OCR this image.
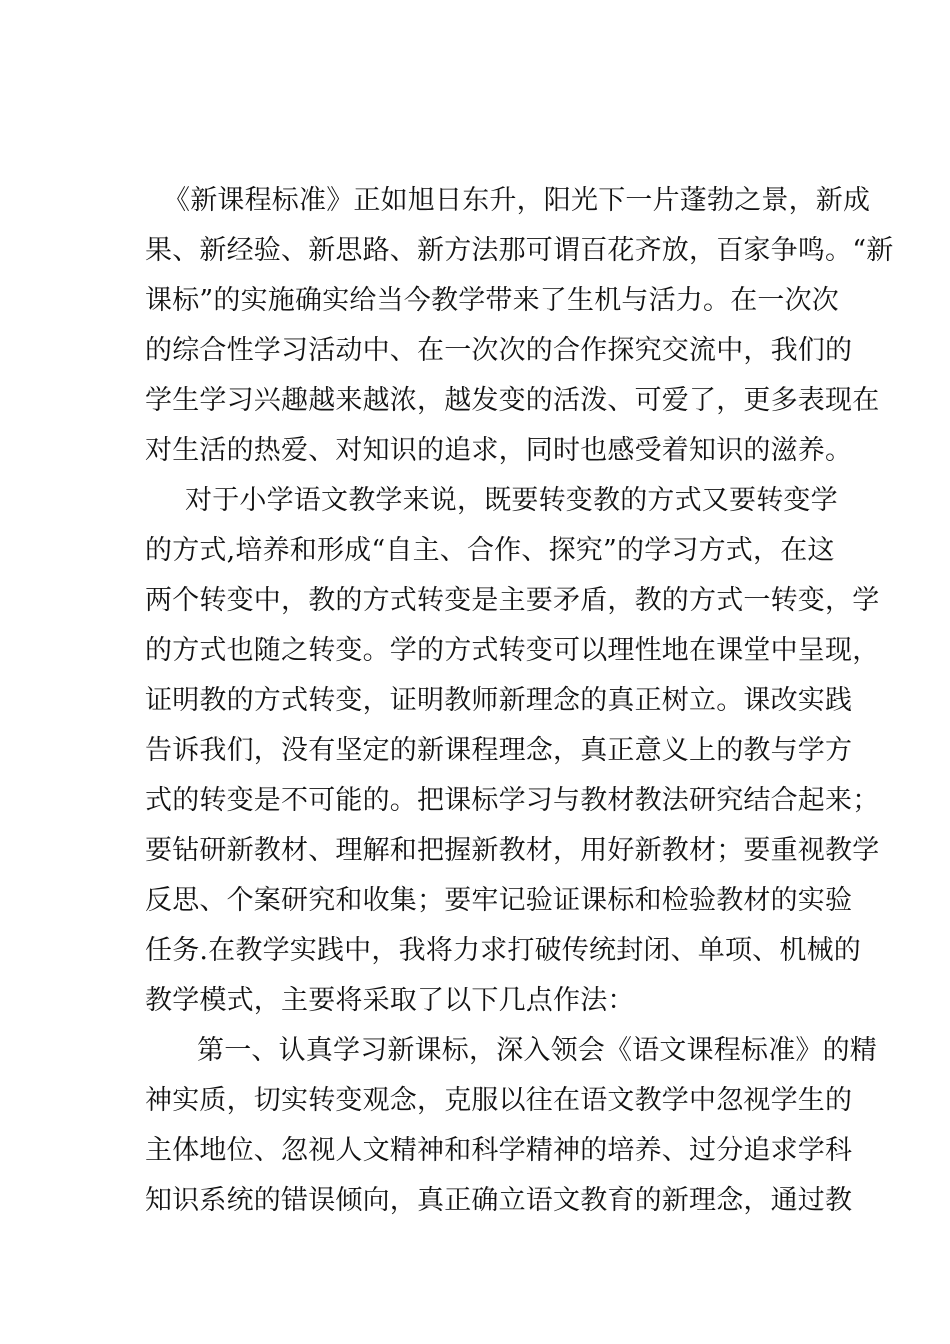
《新课程标准》正如旭日东升，阳光下一片蓬勃之景，新成
果、新经验、新思路、新方法那可谓百花齐放，百家争鸣。“新
课标”的实施确实给当今教学带来了生机与活力。在一次次
的综合性学习活动中、在一次次的合作探究交流中，我们的
学生学习兴趣越来越浓，越发变的活泼、可爱了，更多表现在
对生活的热爱、对知识的追求，同时也感受着知识的滋养。
对于小学语文教学来说，既要转变教的方式又要转变学
的方式,培养和形成“自主、合作、探究”的学习方式，在这
两个转变中，教的方式转变是主要矛盾，教的方式一转变，学
的方式也随之转变。学的方式转变可以理性地在课堂中呈现，
证明教的方式转变，证明教师新理念的真正树立。课改实践
告诉我们，没有坚定的新课程理念，真正意义上的教与学方
式的转变是不可能的。把课标学习与教材教法研究结合起来；
要钻研新教材、理解和把握新教材，用好新教材；要重视教学
反思、个案研究和收集；要牢记验证课标和检验教材的实验
任务.在教学实践中，我将力求打破传统封闭、单项、机械的
教学模式，主要将采取了以下几点作法：
第一、认真学习新课标，深入领会《语文课程标准》的精
神实质，切实转变观念，克服以往在语文教学中忽视学生的
主体地位、忽视人文精神和科学精神的培养、过分追求学科
知识系统的错误倾向，真正确立语文教育的新理念，通过教
